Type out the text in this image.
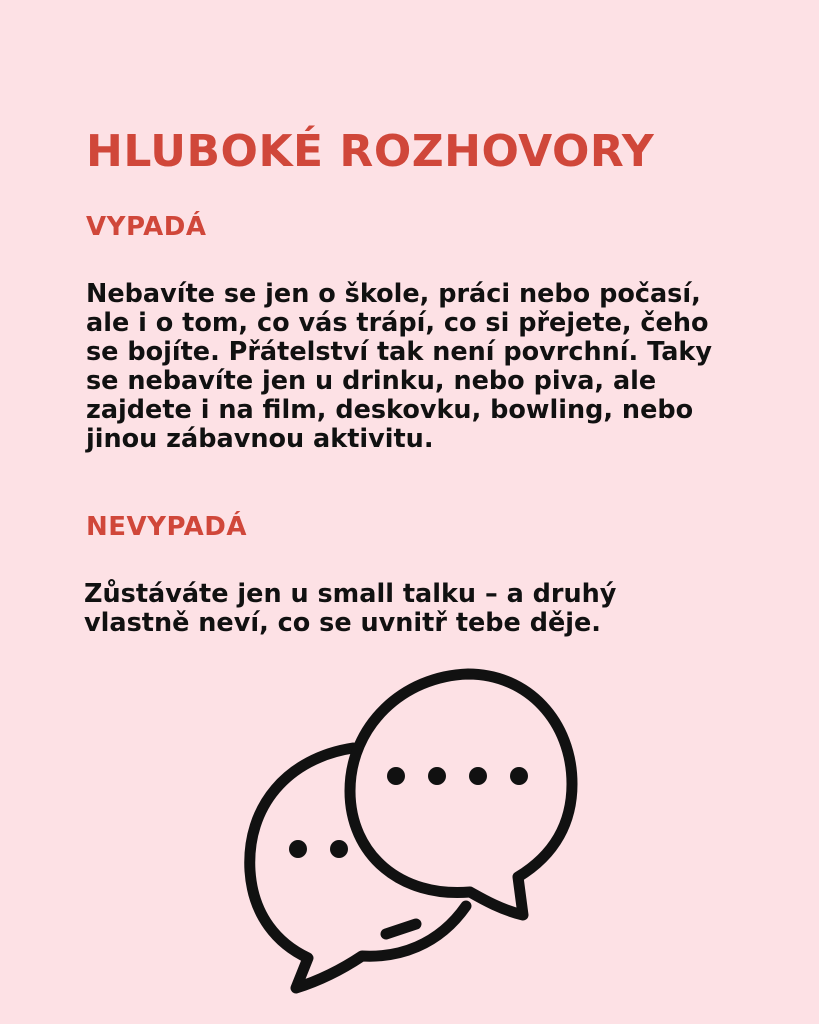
HLUBOKÉ ROZHOVORY
VYPADÁ

Nebavíte se jen o škole, práci nebo počasí, ale i o tom, co vás trápí, co si přejete, čeho se bojíte. Přátelství tak není povrchní. Taky se nebavíte jen u drinku, nebo piva, ale zajdete i na film, deskovku, bowling, nebo jinou zábavnou aktivitu.

NEVYPADÁ

Zůstáváte jen u small talku – a druhý vlastně neví, co se uvnitř tebe děje.
